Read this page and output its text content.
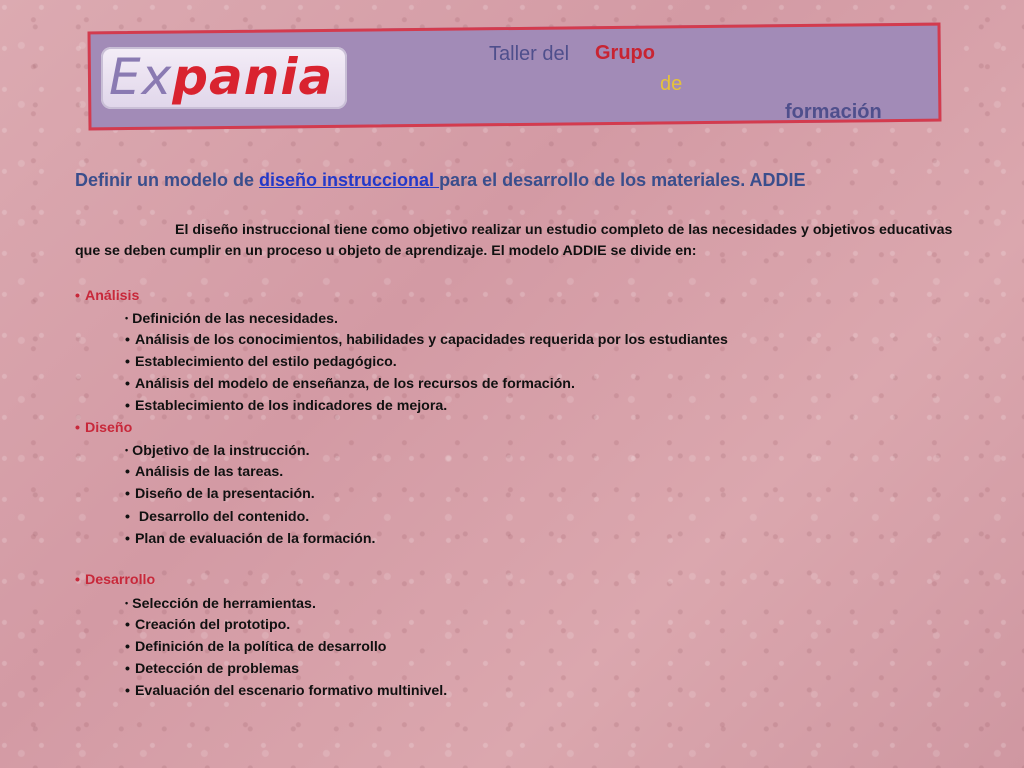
Expania	Taller del Grupo
de
formación
Definir un modelo de diseño instruccional para el desarrollo de los materiales. ADDIE

El diseño instruccional tiene como objetivo realizar un estudio completo de las necesidades y objetivos educativas que se deben cumplir en un proceso u objeto de aprendizaje. El modelo ADDIE se divide en:

• Análisis
• Definición de las necesidades.
• Análisis de los conocimientos, habilidades y capacidades requerida por los estudiantes
• Establecimiento del estilo pedagógico.
• Análisis del modelo de enseñanza, de los recursos de formación.
• Establecimiento de los indicadores de mejora.
• Diseño
• Objetivo de la instrucción.
• Análisis de las tareas.
• Diseño de la presentación.
• Desarrollo del contenido.
• Plan de evaluación de la formación.
• Desarrollo
• Selección de herramientas.
• Creación del prototipo.
• Definición de la política de desarrollo
• Detección de problemas
• Evaluación del escenario formativo multinivel.
